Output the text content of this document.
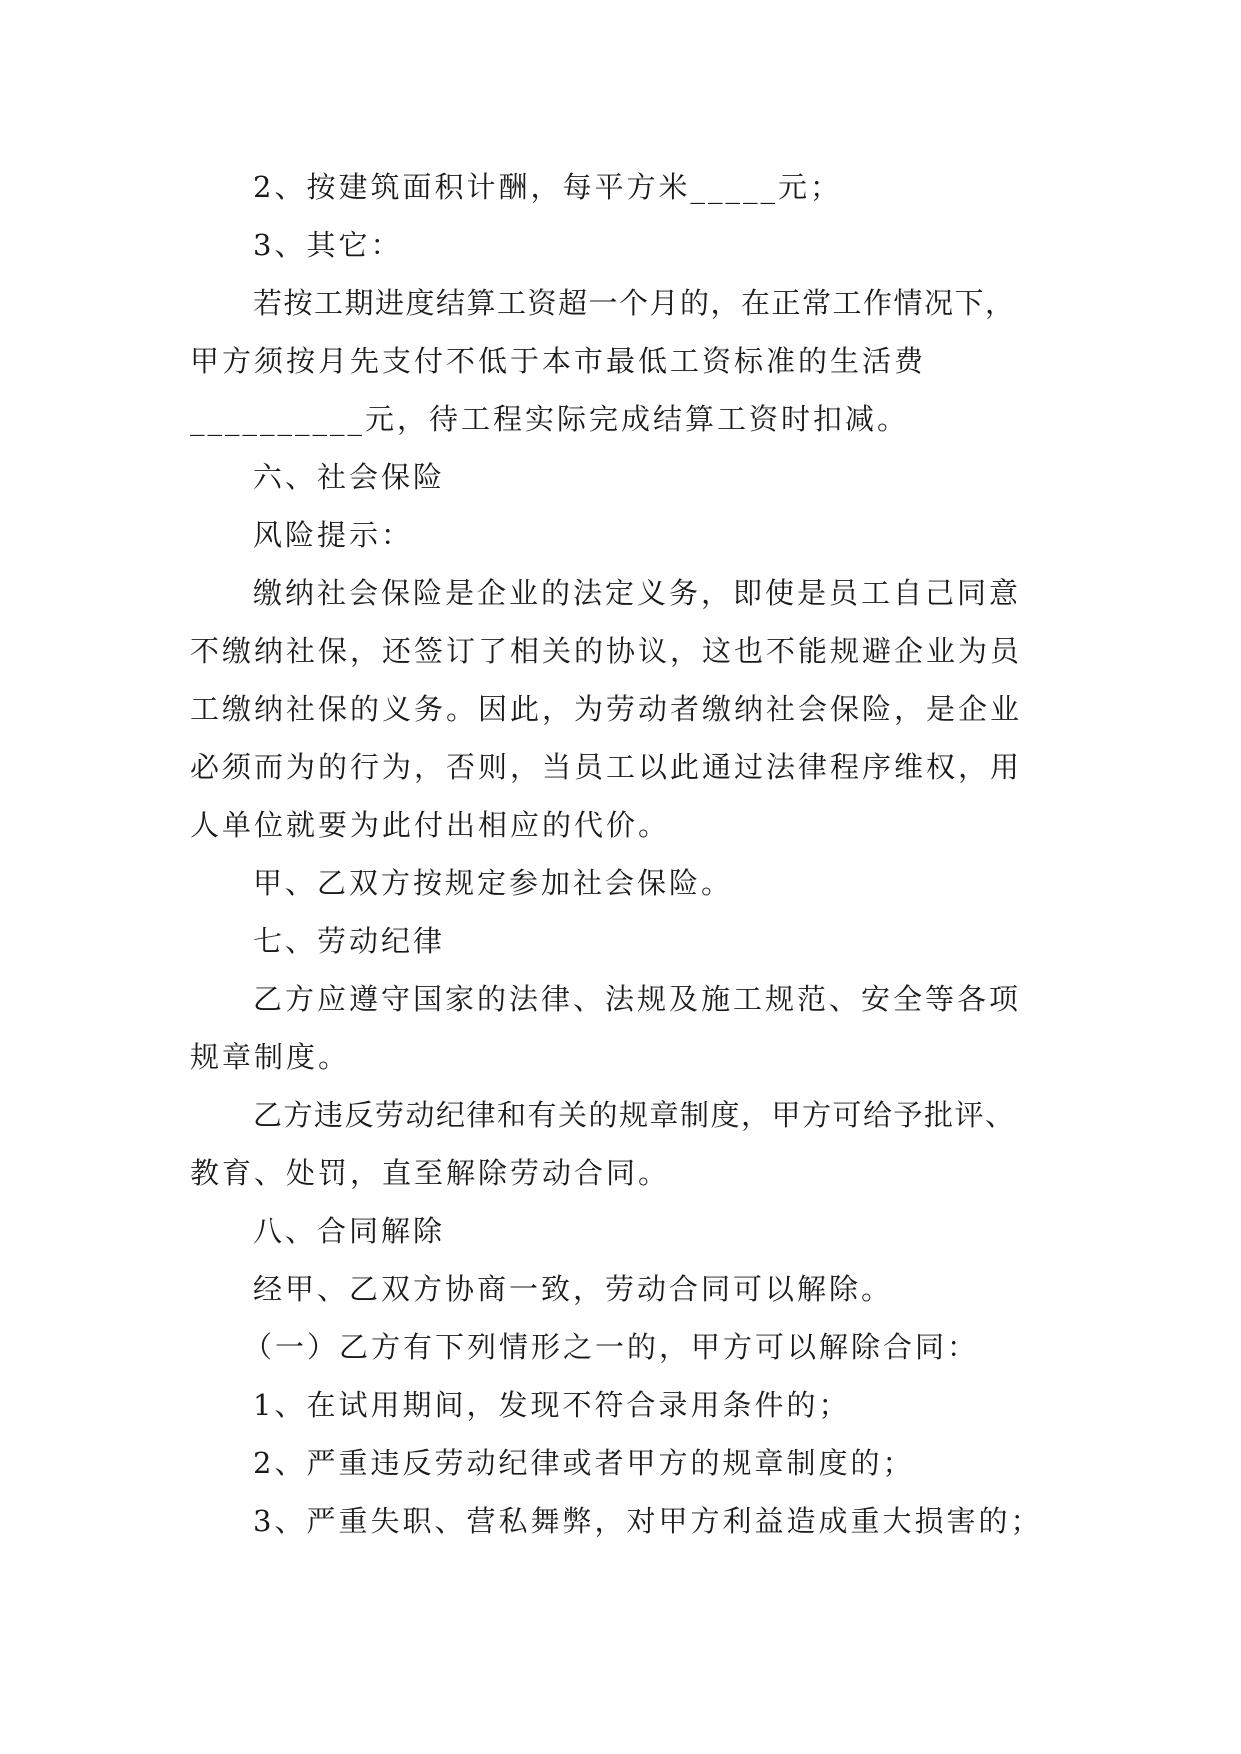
2、按建筑面积计酬，每平方米_____元；
3、其它：
若按工期进度结算工资超一个月的，在正常工作情况下，
甲方须按月先支付不低于本市最低工资标准的生活费
__________元，待工程实际完成结算工资时扣减。
六、社会保险
风险提示：
缴纳社会保险是企业的法定义务，即使是员工自己同意
不缴纳社保，还签订了相关的协议，这也不能规避企业为员
工缴纳社保的义务。因此，为劳动者缴纳社会保险，是企业
必须而为的行为，否则，当员工以此通过法律程序维权，用
人单位就要为此付出相应的代价。
甲、乙双方按规定参加社会保险。
七、劳动纪律
乙方应遵守国家的法律、法规及施工规范、安全等各项
规章制度。
乙方违反劳动纪律和有关的规章制度，甲方可给予批评、
教育、处罚，直至解除劳动合同。
八、合同解除
经甲、乙双方协商一致，劳动合同可以解除。
（一）乙方有下列情形之一的，甲方可以解除合同：
1、在试用期间，发现不符合录用条件的；
2、严重违反劳动纪律或者甲方的规章制度的；
3、严重失职、营私舞弊，对甲方利益造成重大损害的；
